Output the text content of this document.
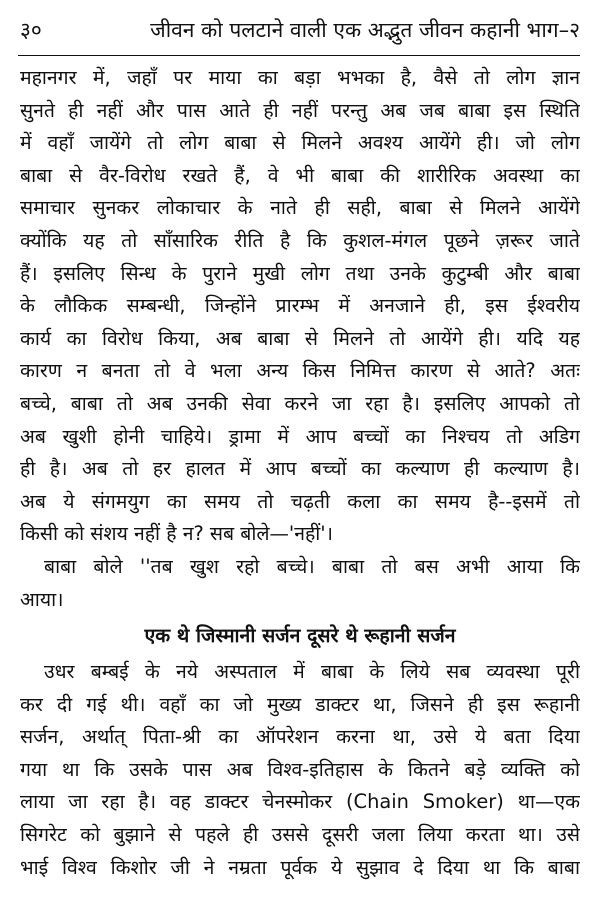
३०	जीवन को पलटाने वाली एक अद्भुत जीवन कहानी भाग–२
महानगर में, जहाँ पर माया का बड़ा भभका है, वैसे तो लोग ज्ञान
सुनते ही नहीं और पास आते ही नहीं परन्तु अब जब बाबा इस स्थिति
में वहाँ जायेंगे तो लोग बाबा से मिलने अवश्य आयेंगे ही। जो लोग
बाबा से वैर-विरोध रखते हैं, वे भी बाबा की शारीरिक अवस्था का
समाचार सुनकर लोकाचार के नाते ही सही, बाबा से मिलने आयेंगे
क्योंकि यह तो साँसारिक रीति है कि कुशल-मंगल पूछने ज़रूर जाते
हैं। इसलिए सिन्ध के पुराने मुखी लोग तथा उनके कुटुम्बी और बाबा
के लौकिक सम्बन्धी, जिन्होंने प्रारम्भ में अनजाने ही, इस ईश्वरीय
कार्य का विरोध किया, अब बाबा से मिलने तो आयेंगे ही। यदि यह
कारण न बनता तो वे भला अन्य किस निमित्त कारण से आते? अतः
बच्चे, बाबा तो अब उनकी सेवा करने जा रहा है। इसलिए आपको तो
अब खुशी होनी चाहिये। ड्रामा में आप बच्चों का निश्चय तो अडिग
ही है। अब तो हर हालत में आप बच्चों का कल्याण ही कल्याण है।
अब ये संगमयुग का समय तो चढ़ती कला का समय है--इसमें तो
किसी को संशय नहीं है न? सब बोले—'नहीं'।
बाबा बोले ''तब खुश रहो बच्चे। बाबा तो बस अभी आया कि
आया।
एक थे जिस्मानी सर्जन दूसरे थे रूहानी सर्जन
उधर बम्बई के नये अस्पताल में बाबा के लिये सब व्यवस्था पूरी
कर दी गई थी। वहाँ का जो मुख्य डाक्टर था, जिसने ही इस रूहानी
सर्जन, अर्थात् पिता-श्री का ऑपरेशन करना था, उसे ये बता दिया
गया था कि उसके पास अब विश्व-इतिहास के कितने बड़े व्यक्ति को
लाया जा रहा है। वह डाक्टर चेनस्मोकर (Chain Smoker) था—एक
सिगरेट को बुझाने से पहले ही उससे दूसरी जला लिया करता था। उसे
भाई विश्व किशोर जी ने नम्रता पूर्वक ये सुझाव दे दिया था कि बाबा
